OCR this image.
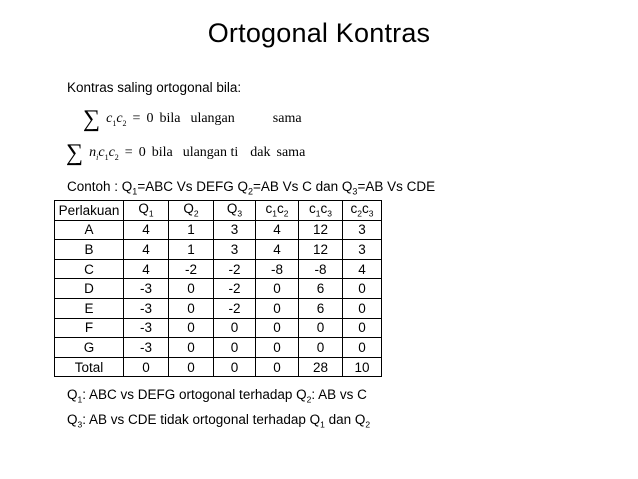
Ortogonal Kontras
Kontras saling ortogonal bila:
∑ $c_1c_2 = 0$ bila ulangan	sama
∑ $n_ic_1c_2 = 0$ bila ulangan ti dak sama
Contoh : $Q_1=ABC$ Vs DEFG $Q_2=AB$ Vs C dan $Q_3=AB$ Vs CDE
Perlakuan	$Q_1$	$Q_2$	$Q_3$	$c_1c_2$	$c_1c_3$	$c_2c_3$
A	4	1	3	4	12	3
B	4	1	3	4	12	3
C	4	-2	-2	-8	-8	4
D	-3	0	-2	0	6	0
E	-3	0	-2	0	6	0
F	-3	0	0	0	0	0
G	-3	0	0	0	0	0
Total	0	0	0	0	28	10
$Q_1$: ABC vs DEFG ortogonal terhadap $Q_2$: AB vs C
$Q_3$: AB vs CDE tidak ortogonal terhadap $Q_1$ dan $Q_2$
